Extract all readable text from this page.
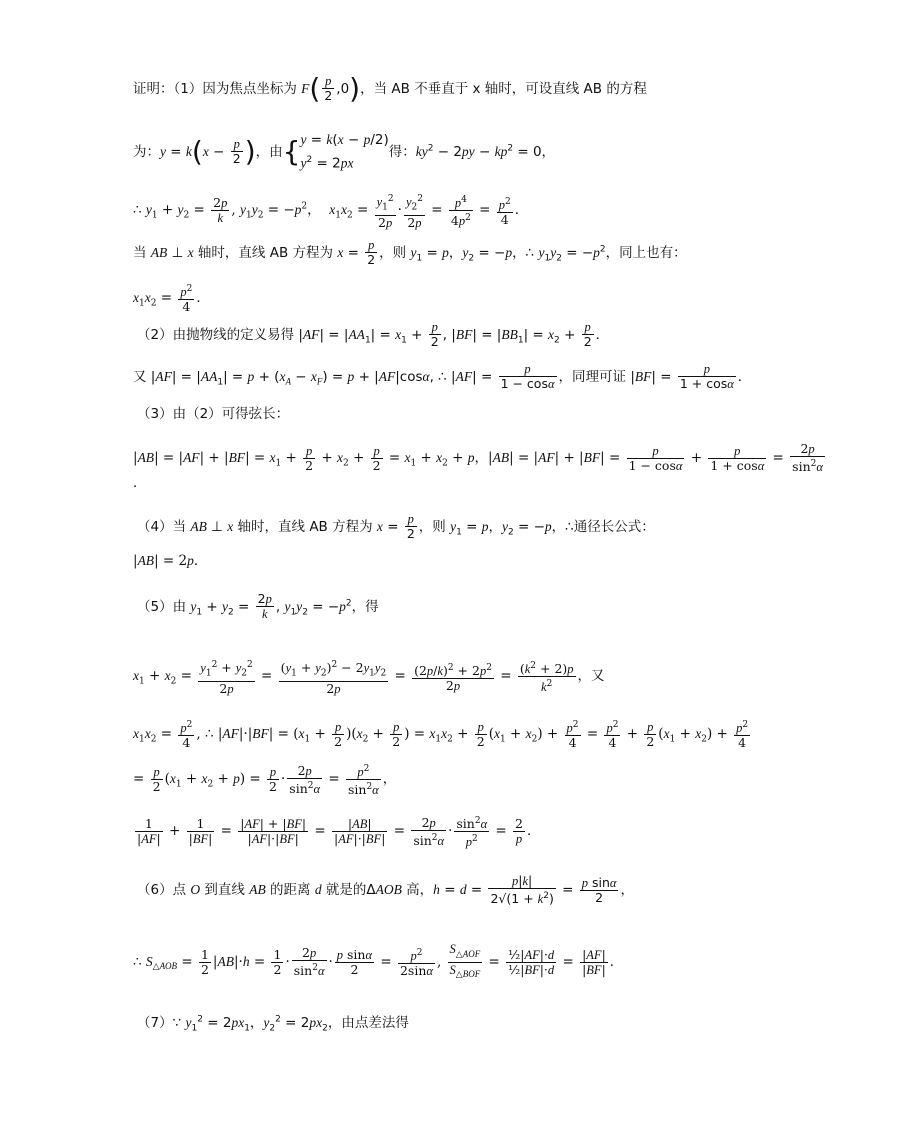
证明：（1）因为焦点坐标为 $F( \frac{p}{2} ,0)$，当 AB 不垂直于 x 轴时，可设直线 AB 的方程
为：$y = k(x - \frac{p}{2}$ )，由{y = k(x − p/2)
$y^2 = 2px$得：$ky^2 - 2py - kp^2 = 0$，
∴ $y_1 + y_2 = \frac{2p}{k}$ , $y_1y_2 = -p^2$，  $x_1x_2 = \frac{y_1^2}{2p} \cdot \frac{y_2^2}{2p} = \frac{p^4}{4p^2} = \frac{p^2}{4}$ ．
当 AB ⊥ x 轴时，直线 AB 方程为 $x = \frac{p}{2}$ ，则 $y_1 = p$，$y_2 = -p$，∴ $y_1y_2 = -p^2$，同上也有：
$x_1x_2 = \frac{p^2}{4}$ ．
（2）由抛物线的定义易得 $|AF| = |AA_1| = x_1 + \frac{p}{2}$ , $|BF| = |BB_1| = x_2 + \frac{p}{2}$ ．
又 $|AF| = |AA_1| = p + (x_A - x_F) = p + |AF|\cos\alpha$, ∴ $|AF| = \frac{p}{1 - \cos\alpha}$ ，同理可证 $|BF| = \frac{p}{1 + \cos\alpha}$ ．
（3）由（2）可得弦长：
$|AB| = |AF| + |BF| = x_1 + \frac{p}{2} + x_2 + \frac{p}{2} = x_1 + x_2 + p$，$|AB| = |AF| + |BF| = \frac{p}{1 - \cos\alpha} + \frac{p}{1 + \cos\alpha} = \frac{2p}{\sin^2\alpha}$
．
（4）当 AB ⊥ x 轴时，直线 AB 方程为 $x = \frac{p}{2}$ ，则 $y_1 = p$，$y_2 = -p$，∴通径长公式：
|AB| = 2p．
（5）由 $y_1 + y_2 = \frac{2p}{k}$ , $y_1y_2 = -p^2$，得
$x_1 + x_2 = \frac{y_1^2 + y_2^2}{2p} = \frac{(y_1 + y_2)^2 - 2y_1y_2}{2p} = \frac{(2p/k)^2 + 2p^2}{2p} = \frac{(k^2 + 2)p}{k^2}$ ，又
$x_1x_2 = \frac{p^2}{4}$ , ∴ $|AF|\cdot|BF| = (x_1 + \frac{p}{2} )(x_2 + \frac{p}{2}$ ) = $x_1x_2 + \frac{p}{2} (x_1 + x_2) + \frac{p^2}{4} = \frac{p^2}{4} + \frac{p}{2} (x_1 + x_2) + \frac{p^2}{4}$
= $\frac{p}{2} (x_1 + x_2 + p) = \frac{p}{2} \cdot \frac{2p}{\sin^2\alpha} = \frac{p^2}{\sin^2\alpha}$ ，
$\frac{1}{|AF|} + \frac{1}{|BF|} = \frac{|AF| + |BF|}{|AF|\cdot|BF|} = \frac{|AB|}{|AF|\cdot|BF|} = \frac{2p}{\sin^2\alpha} \cdot \frac{\sin^2\alpha}{p^2} = \frac{2}{p}$ ．
（6）点 O 到直线 AB 的距离 d 就是的ΔAOB 高，$h = d = \frac{p|k|}{2√(1 + k^2)} = \frac{\text{p sinα}}{2}$ ，
∴ $S_{\triangle AOB} = \frac{1}{2} |AB|\cdot h = \frac{1}{2} \cdot \frac{2p}{\sin^2\alpha} \cdot \frac{\text{p sinα}}{2} = \frac{p^2}{2\sin\alpha}$ , $\frac{S_{\triangle AOF}}{S_{\triangle BOF}} = \frac{\text{½|AF|·d}}{\text{½|BF|·d}} = \frac{|AF|}{|BF|}$ ．
（7）∵ $y_1^2 = 2px_1$，$y_2^2 = 2px_2$，由点差法得
